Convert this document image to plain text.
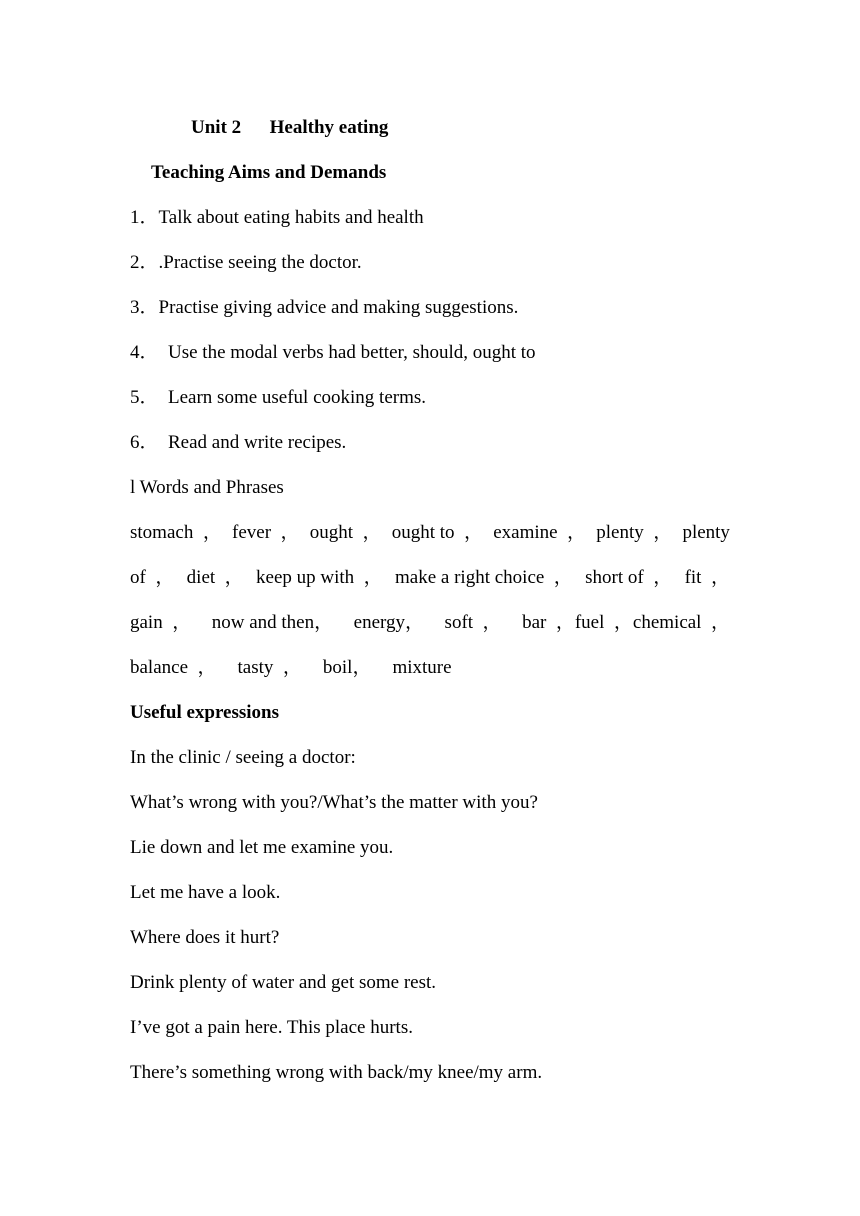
Unit 2      Healthy eating
Teaching Aims and Demands
1．Talk about eating habits and health
2．.Practise seeing the doctor.
3．Practise giving advice and making suggestions.
4．  Use the modal verbs had better, should, ought to
5．  Learn some useful cooking terms.
6．  Read and write recipes.
l Words and Phrases
stomach  ， fever  ， ought  ， ought to  ， examine  ， plenty  ， plenty
of  ， diet  ， keep up with  ， make a right choice  ， short of  ， fit  ，
gain  ， now and then， energy， soft  ， bar  ，fuel  ，chemical  ，
balance  ， tasty  ， boil， mixture
Useful expressions
In the clinic / seeing a doctor:
What’s wrong with you?/What’s the matter with you?
Lie down and let me examine you.
Let me have a look.
Where does it hurt?
Drink plenty of water and get some rest.
I’ve got a pain here. This place hurts.
There’s something wrong with back/my knee/my arm.
